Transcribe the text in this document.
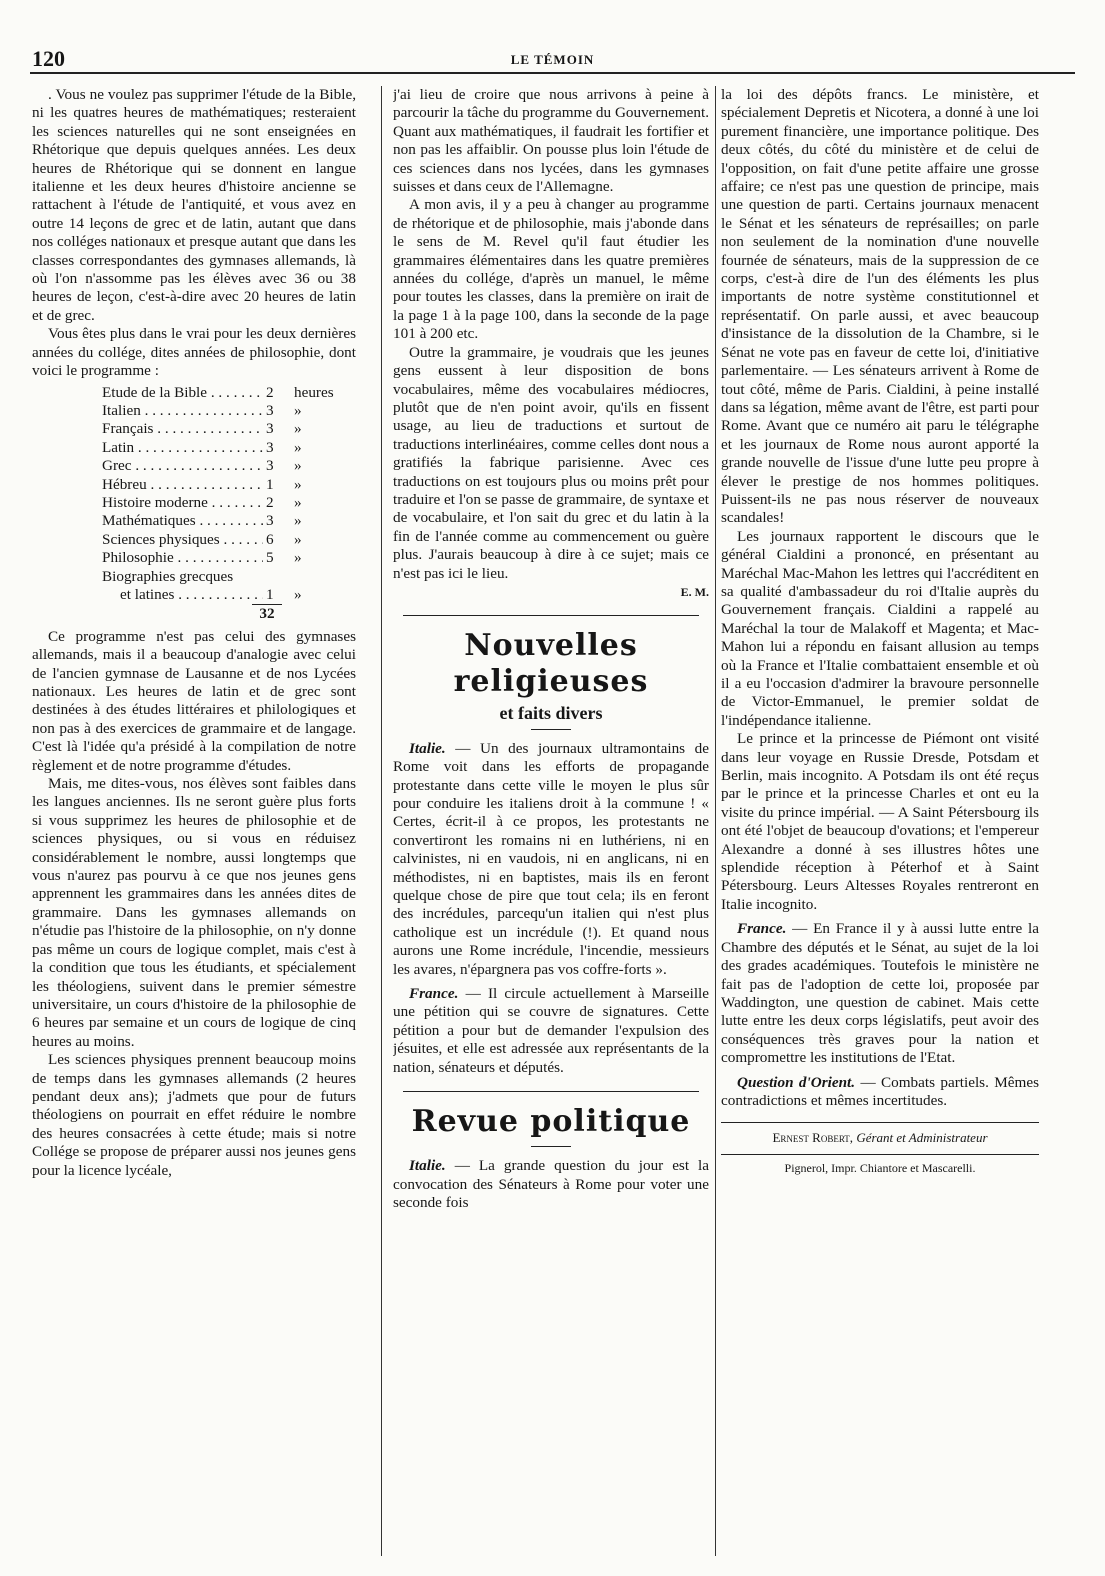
120	LE TÉMOIN

. Vous ne voulez pas supprimer l'étude de la Bible, ni les quatres heures de mathématiques; resteraient les sciences naturelles qui ne sont enseignées en Rhétorique que depuis quelques années. Les deux heures de Rhétorique qui se donnent en langue italienne et les deux heures d'histoire ancienne se rattachent à l'étude de l'antiquité, et vous avez en outre 14 leçons de grec et de latin, autant que dans nos colléges nationaux et presque autant que dans les classes correspondantes des gymnases allemands, là où l'on n'assomme pas les élèves avec 36 ou 38 heures de leçon, c'est-à-dire avec 20 heures de latin et de grec.

Vous êtes plus dans le vrai pour les deux dernières années du collége, dites années de philosophie, dont voici le programme :

Etude de la Bible . . .	2	heures
Italien . . .	3	»
Français . . .	3	»
Latin . . .	3	»
Grec . . .	3	»
Hébreu . . .	1	»
Histoire moderne . . .	2	»
Mathématiques . . .	3	»
Sciences physiques . . .	6	»
Philosophie . . .	5	»
Biographies grecques
et latines . . .	1	»
32

Ce programme n'est pas celui des gymnases allemands, mais il a beaucoup d'analogie avec celui de l'ancien gymnase de Lausanne et de nos Lycées nationaux. Les heures de latin et de grec sont destinées à des études littéraires et philologiques et non pas à des exercices de grammaire et de langage. C'est là l'idée qu'a présidé à la compilation de notre règlement et de notre programme d'études.

Mais, me dites-vous, nos élèves sont faibles dans les langues anciennes. Ils ne seront guère plus forts si vous supprimez les heures de philosophie et de sciences physiques, ou si vous en réduisez considérablement le nombre, aussi longtemps que vous n'aurez pas pourvu à ce que nos jeunes gens apprennent les grammaires dans les années dites de grammaire. Dans les gymnases allemands on n'étudie pas l'histoire de la philosophie, on n'y donne pas même un cours de logique complet, mais c'est à la condition que tous les étudiants, et spécialement les théologiens, suivent dans le premier sémestre universitaire, un cours d'histoire de la philosophie de 6 heures par semaine et un cours de logique de cinq heures au moins.

Les sciences physiques prennent beaucoup moins de temps dans les gymnases allemands (2 heures pendant deux ans); j'admets que pour de futurs théologiens on pourrait en effet réduire le nombre des heures consacrées à cette étude; mais si notre Collége se propose de préparer aussi nos jeunes gens pour la licence lycéale,

j'ai lieu de croire que nous arrivons à peine à parcourir la tâche du programme du Gouvernement. Quant aux mathématiques, il faudrait les fortifier et non pas les affaiblir. On pousse plus loin l'étude de ces sciences dans nos lycées, dans les gymnases suisses et dans ceux de l'Allemagne.

A mon avis, il y a peu à changer au programme de rhétorique et de philosophie, mais j'abonde dans le sens de M. Revel qu'il faut étudier les grammaires élémentaires dans les quatre premières années du collége, d'après un manuel, le même pour toutes les classes, dans la première on irait de la page 1 à la page 100, dans la seconde de la page 101 à 200 etc.

Outre la grammaire, je voudrais que les jeunes gens eussent à leur disposition de bons vocabulaires, même des vocabulaires médiocres, plutôt que de n'en point avoir, qu'ils en fissent usage, au lieu de traductions et surtout de traductions interlinéaires, comme celles dont nous a gratifiés la fabrique parisienne. Avec ces traductions on est toujours plus ou moins prêt pour traduire et l'on se passe de grammaire, de syntaxe et de vocabulaire, et l'on sait du grec et du latin à la fin de l'année comme au commencement ou guère plus. J'aurais beaucoup à dire à ce sujet; mais ce n'est pas ici le lieu.

E. M.
Nouvelles religieuses
et faits divers

Italie. — Un des journaux ultramontains de Rome voit dans les efforts de propagande protestante dans cette ville le moyen le plus sûr pour conduire les italiens droit à la commune ! « Certes, écrit-il à ce propos, les protestants ne convertiront les romains ni en luthériens, ni en calvinistes, ni en vaudois, ni en anglicans, ni en méthodistes, ni en baptistes, mais ils en feront quelque chose de pire que tout cela; ils en feront des incrédules, parcequ'un italien qui n'est plus catholique est un incrédule (!). Et quand nous aurons une Rome incrédule, l'incendie, messieurs les avares, n'épargnera pas vos coffre-forts ».

France. — Il circule actuellement à Marseille une pétition qui se couvre de signatures. Cette pétition a pour but de demander l'expulsion des jésuites, et elle est adressée aux représentants de la nation, sénateurs et députés.

Revue politique

Italie. — La grande question du jour est la convocation des Sénateurs à Rome pour voter une seconde fois

la loi des dépôts francs. Le ministère, et spécialement Depretis et Nicotera, a donné à une loi purement financière, une importance politique. Des deux côtés, du côté du ministère et de celui de l'opposition, on fait d'une petite affaire une grosse affaire; ce n'est pas une question de principe, mais une question de parti. Certains journaux menacent le Sénat et les sénateurs de représailles; on parle non seulement de la nomination d'une nouvelle fournée de sénateurs, mais de la suppression de ce corps, c'est-à dire de l'un des éléments les plus importants de notre système constitutionnel et représentatif. On parle aussi, et avec beaucoup d'insistance de la dissolution de la Chambre, si le Sénat ne vote pas en faveur de cette loi, d'initiative parlementaire. — Les sénateurs arrivent à Rome de tout côté, même de Paris. Cialdini, à peine installé dans sa légation, même avant de l'être, est parti pour Rome. Avant que ce numéro ait paru le télégraphe et les journaux de Rome nous auront apporté la grande nouvelle de l'issue d'une lutte peu propre à élever le prestige de nos hommes politiques. Puissent-ils ne pas nous réserver de nouveaux scandales!

Les journaux rapportent le discours que le général Cialdini a prononcé, en présentant au Maréchal Mac-Mahon les lettres qui l'accréditent en sa qualité d'ambassadeur du roi d'Italie auprès du Gouvernement français. Cialdini a rappelé au Maréchal la tour de Malakoff et Magenta; et Mac-Mahon lui a répondu en faisant allusion au temps où la France et l'Italie combattaient ensemble et où il a eu l'occasion d'admirer la bravoure personnelle de Victor-Emmanuel, le premier soldat de l'indépendance italienne.

Le prince et la princesse de Piémont ont visité dans leur voyage en Russie Dresde, Potsdam et Berlin, mais incognito. A Potsdam ils ont été reçus par le prince et la princesse Charles et ont eu la visite du prince impérial. — A Saint Pétersbourg ils ont été l'objet de beaucoup d'ovations; et l'empereur Alexandre a donné à ses illustres hôtes une splendide réception à Péterhof et à Saint Pétersbourg. Leurs Altesses Royales rentreront en Italie incognito.

France. — En France il y à aussi lutte entre la Chambre des députés et le Sénat, au sujet de la loi des grades académiques. Toutefois le ministère ne fait pas de l'adoption de cette loi, proposée par Waddington, une question de cabinet. Mais cette lutte entre les deux corps législatifs, peut avoir des conséquences très graves pour la nation et compromettre les institutions de l'Etat.

Question d'Orient. — Combats partiels. Mêmes contradictions et mêmes incertitudes.

Ernest Robert, Gérant et Administrateur
Pignerol, Impr. Chiantore et Mascarelli.
